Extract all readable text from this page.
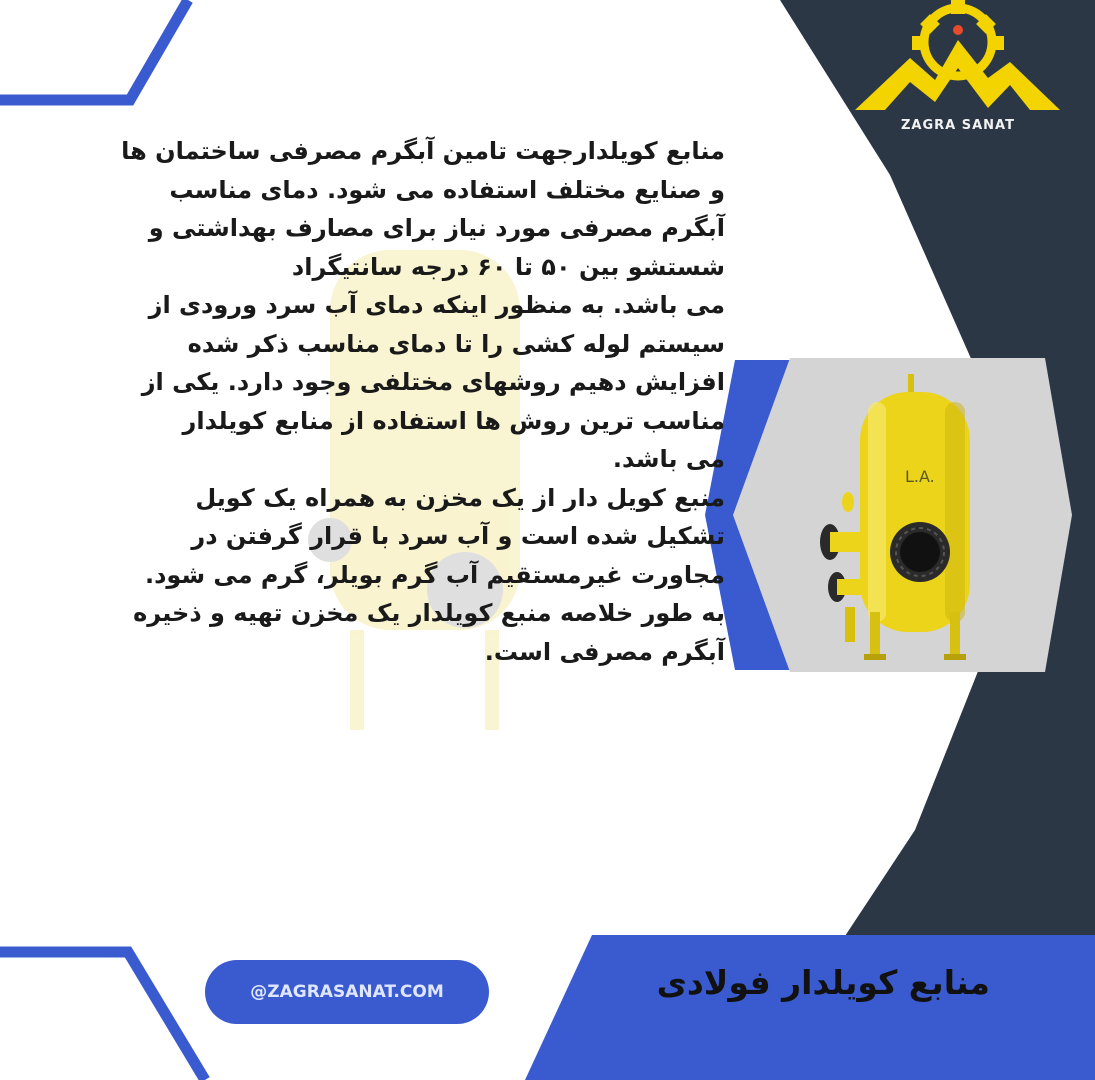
ZAGRA SANAT

منابع کویلدارجهت تامین آبگرم مصرفی ساختمان ها
و صنایع مختلف استفاده می شود. دمای مناسب
آبگرم مصرفی مورد نیاز برای مصارف بهداشتی و
شستشو بین ۵۰ تا ۶۰ درجه سانتیگراد
می باشد. به منظور اینکه دمای آب سرد ورودی از
سیستم لوله کشی را تا دمای مناسب ذکر شده
افزایش دهیم روشهای مختلفی وجود دارد. یکی از
مناسب ترین روش ها استفاده از منابع کویلدار
می باشد.

منبع کویل دار از یک مخزن به همراه یک کویل
تشکیل شده است و آب سرد با قرار گرفتن در
مجاورت غیرمستقیم آب گرم بویلر، گرم می شود.
به طور خلاصه منبع کویلدار یک مخزن تهیه و ذخیره
آبگرم مصرفی است.

L.A.
@ZAGRASANAT.COM	منابع کویلدار فولادی
